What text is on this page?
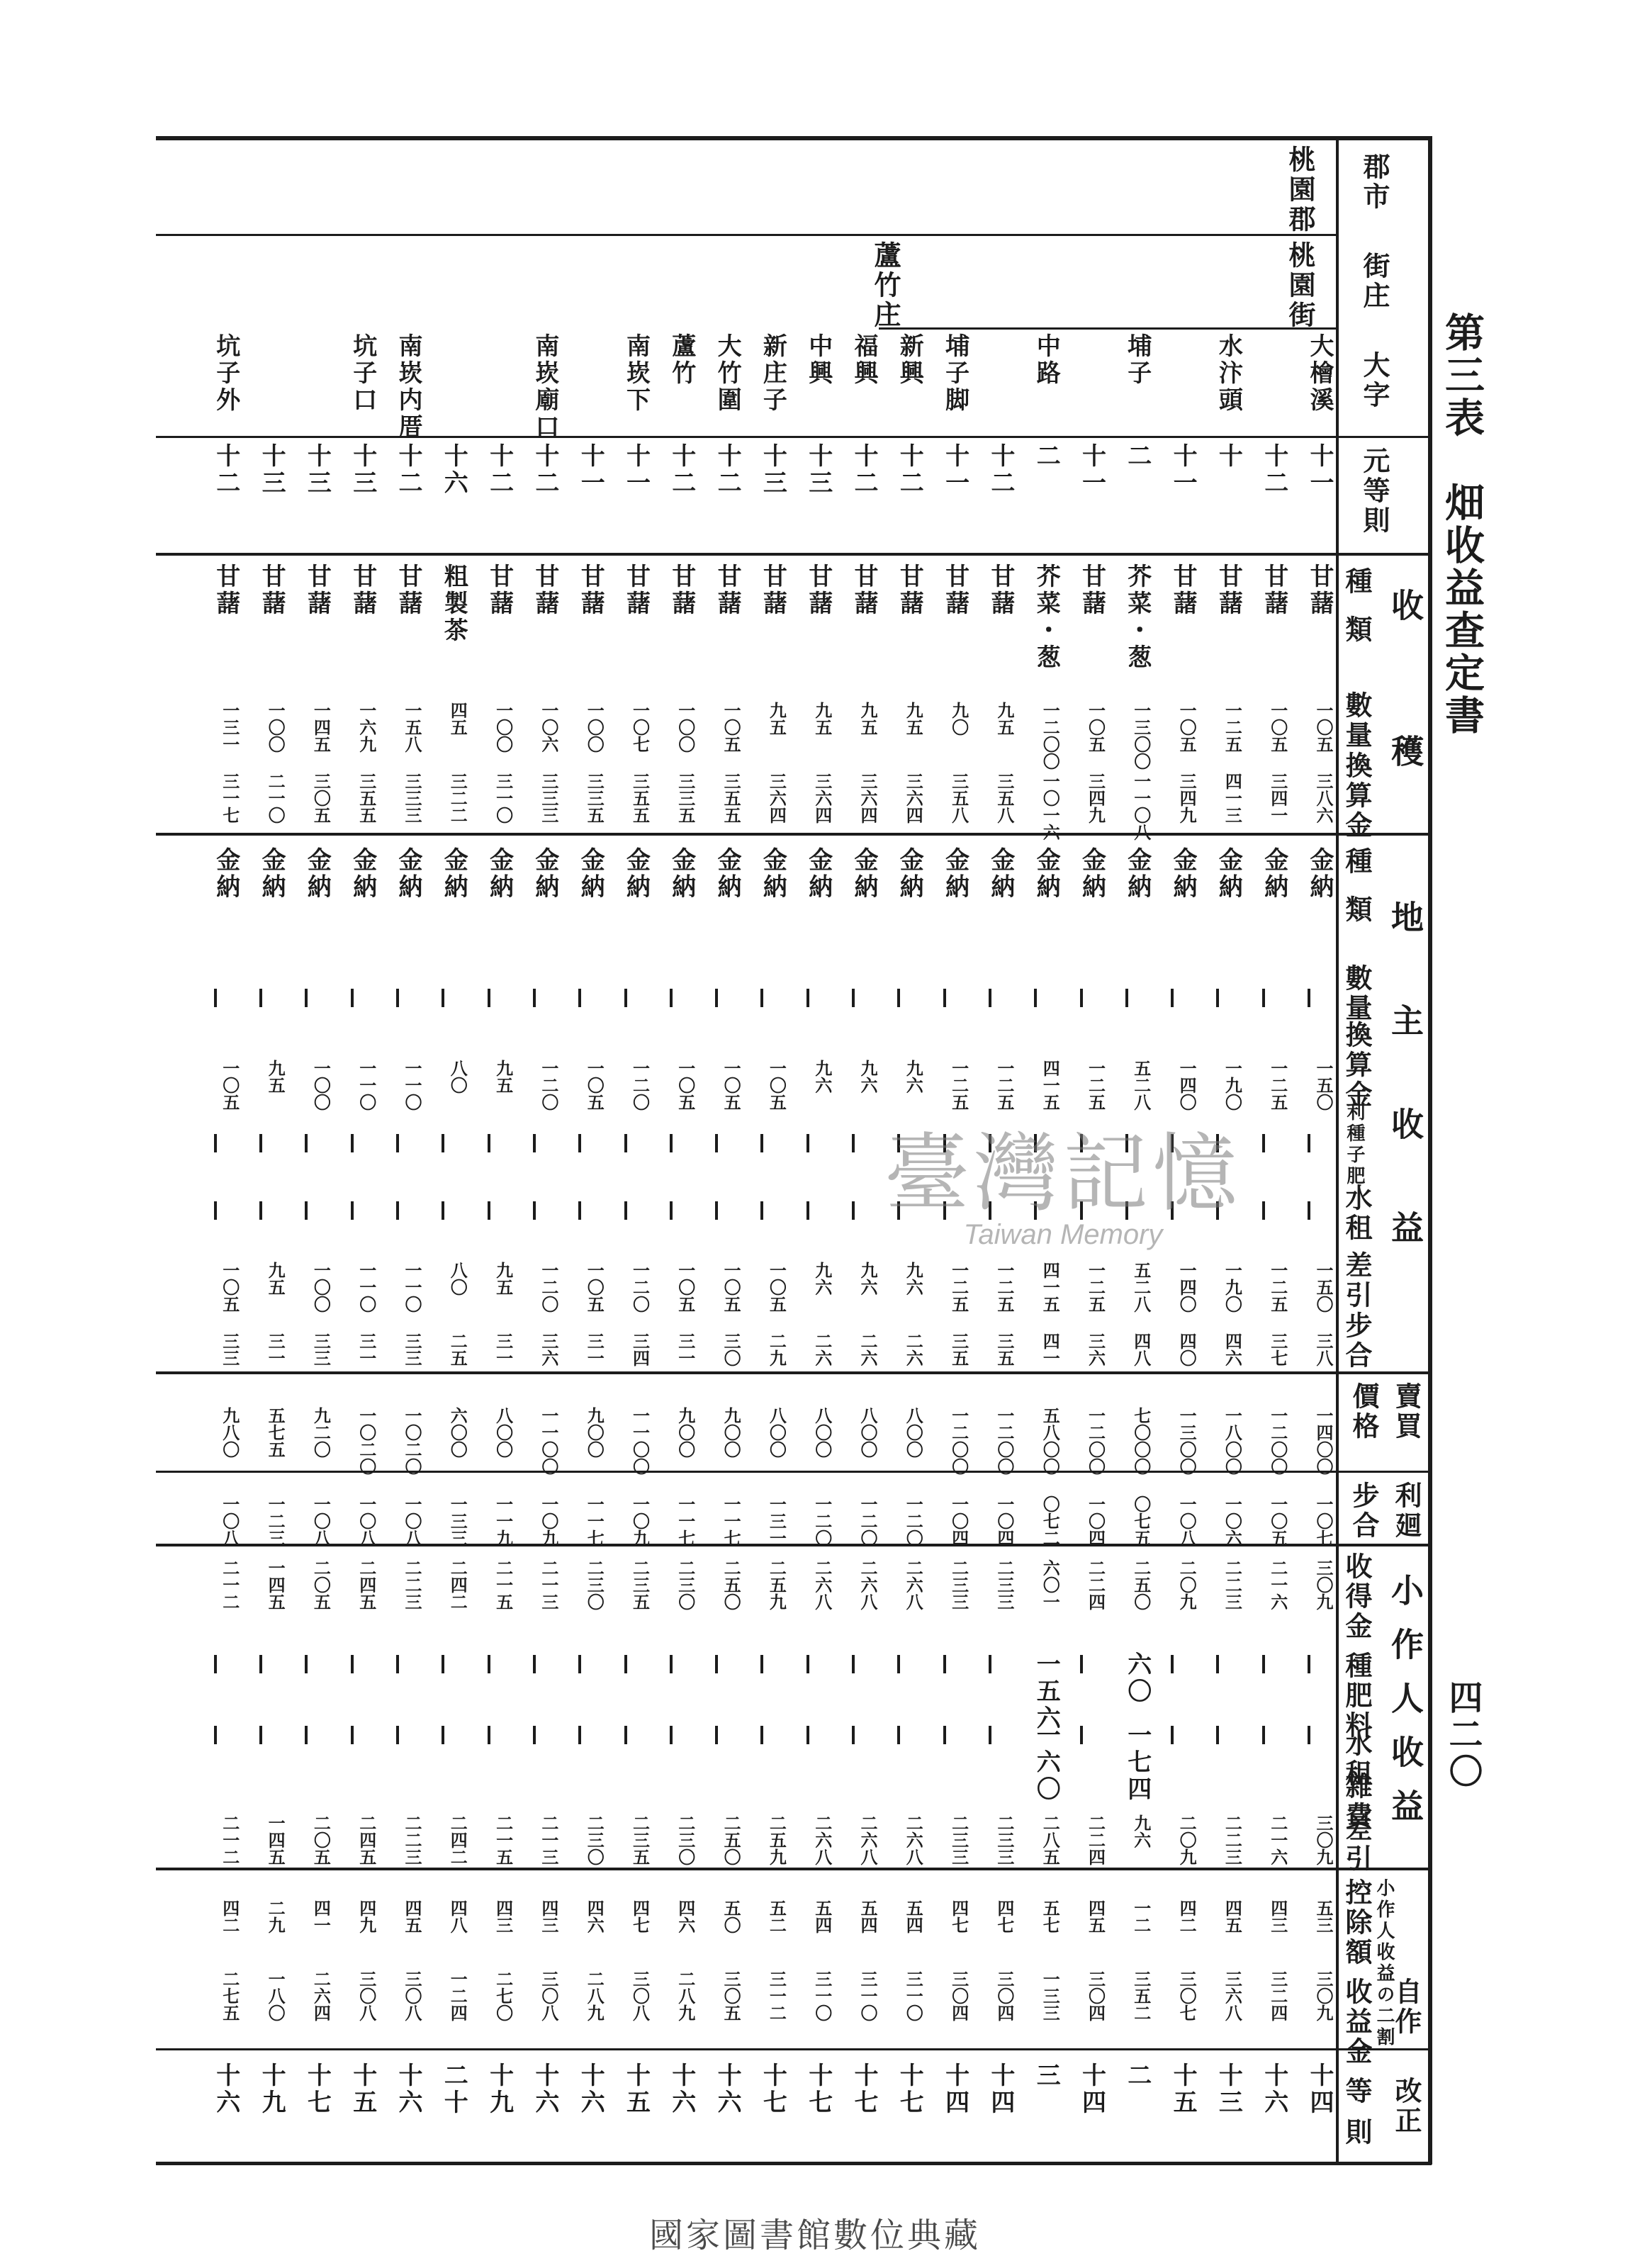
第三表　畑收益查定書
四二〇
郡市
街庄
大字
元等則
收穫
種類
數量
換算金
地主收益
種類
數量
換算金
利種子肥
水租
差引
步合
賣買
價格
利廻
步合
小作人收益
收得金
種肥料
水租
雜費
差引
控除額 小作人收益の二割
自作
收益金
改正
等則
桃園郡
桃園街
蘆竹庄
大檜溪
十一
甘藷
一〇五
三八六
金納
一五〇
一五〇
三八
一四〇〇
一〇七
三〇九
三〇九
五三
三〇九
十四
十二
甘藷
一〇五
三四一
金納
一二五
一二五
三七
一二〇〇
一〇五
二一六
二一六
四三
三二四
十六
水汴頭
十
甘藷
一二五
四一三
金納
一九〇
一九〇
四六
一八〇〇
一〇六
二二三
二二三
四五
三六八
十三
十一
甘藷
一〇五
三四九
金納
一四〇
一四〇
四〇
一三〇〇
一〇八
二〇九
二〇九
四二
三〇七
十五
埔子
二
芥菜・葱
一三〇〇
一一〇八
金納
五二八
五二八
四八
七〇〇〇
〇七五
二五〇
六〇
一七四
九六
一二
三五二
二
十一
甘藷
一〇五
三四九
金納
一二五
一二五
三六
一二〇〇
一〇四
二二四
二二四
四五
三〇四
十四
中路
二
芥菜・葱
一二〇〇
一〇一六
金納
四一五
四一五
四一
五八〇〇
〇七二
六〇一
一五六
一六〇
二八五
五七
一三三
三
十二
甘藷
九五
三五八
金納
一二五
一二五
三五
一二〇〇
一〇四
二三三
二三三
四七
三〇四
十四
埔子脚
十一
甘藷
九〇
三五八
金納
一二五
一二五
三五
一二〇〇
一〇四
二三三
二三三
四七
三〇四
十四
新興
十二
甘藷
九五
三六四
金納
九六
九六
二六
八〇〇
一二〇
二六八
二六八
五四
三一〇
十七
福興
十二
甘藷
九五
三六四
金納
九六
九六
二六
八〇〇
一二〇
二六八
二六八
五四
三一〇
十七
中興
十三
甘藷
九五
三六四
金納
九六
九六
二六
八〇〇
一二〇
二六八
二六八
五四
三一〇
十七
新庄子
十三
甘藷
九五
三六四
金納
一〇五
一〇五
二九
八〇〇
一三一
二五九
二五九
五二
三一二
十七
大竹圍
十二
甘藷
一〇五
三五五
金納
一〇五
一〇五
三〇
九〇〇
一一七
二五〇
二五〇
五〇
三〇五
十六
蘆竹
十二
甘藷
一〇〇
三三五
金納
一〇五
一〇五
三一
九〇〇
一一七
二三〇
二三〇
四六
二八九
十六
南崁下
十一
甘藷
一〇七
三五五
金納
一二〇
一二〇
三四
一一〇〇
一〇九
二三五
二三五
四七
三〇八
十五
十一
甘藷
一〇〇
三三五
金納
一〇五
一〇五
三一
九〇〇
一一七
二三〇
二三〇
四六
二八九
十六
南崁廟口
十二
甘藷
一〇六
三三三
金納
一二〇
一二〇
三六
一一〇〇
一〇九
二一三
二一三
四三
三〇八
十六
十二
甘藷
一〇〇
三一〇
金納
九五
九五
三一
八〇〇
一一九
二一五
二一五
四三
二七〇
十九
十六
粗製茶
四五
三二二
金納
八〇
八〇
二五
六〇〇
一三三
二四二
二四二
四八
一二四
二十
南崁内厝
十二
甘藷
一五八
三三三
金納
一一〇
一一〇
三三
一〇二〇
一〇八
二二三
二二三
四五
三〇八
十六
坑子口
十三
甘藷
一六九
三五五
金納
一一〇
一一〇
三一
一〇二〇
一〇八
二四五
二四五
四九
三〇八
十五
十三
甘藷
一四五
三〇五
金納
一〇〇
一〇〇
三三
九二〇
一〇八
二〇五
二〇五
四一
二六四
十七
十三
甘藷
一〇〇
二一〇
金納
九五
九五
三一
五七五
一二三
一四五
一四五
二九
一八〇
十九
坑子外
十二
甘藷
一三一
三一七
金納
一〇五
一〇五
三三
九八〇
一〇八
二一二
二一二
四二
二七五
十六
臺灣記憶
Taiwan Memory
國家圖書館數位典藏
